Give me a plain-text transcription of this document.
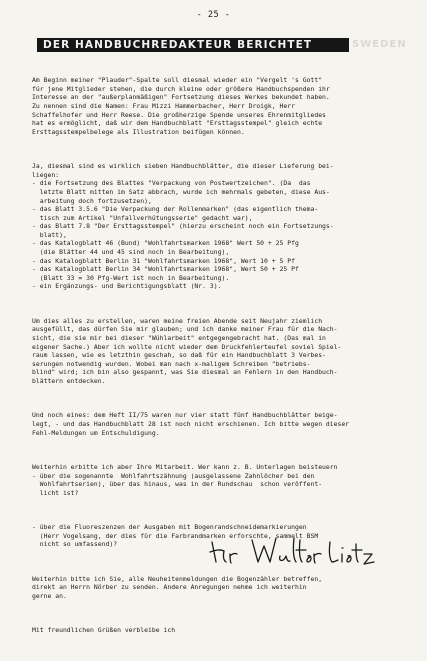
- 25 -
DER HANDBUCHREDAKTEUR BERICHTET	SWEDEN

Am Beginn meiner "Plauder"-Spalte soll diesmal wieder ein "Vergelt 's Gott"
für jene Mitglieder stehen, die durch kleine oder größere Handbuchspenden ihr
Interesse an der "außerplanmäßigen" Fortsetzung dieses Werkes bekundet haben.
Zu nennen sind die Namen: Frau Mizzi Hammerbacher, Herr Droigk, Herr
Schaffelhofer und Herr Reese. Die großherzige Spende unseres Ehrenmitgliedes
hat es ermöglicht, daß wir dem Handbuchblatt "Ersttagsstempel" gleich echte
Ersttagsstempelbelege als Illustration beifügen können.

Ja, diesmal sind es wirklich sieben Handbuchblätter, die dieser Lieferung bei-
liegen:
- die Fortsetzung des Blattes "Verpackung von Postwertzeichen". (Da  das
letzte Blatt mitten im Satz abbrach, wurde ich mehrmals gebeten, diese Aus-
arbeitung doch fortzusetzen),
- das Blatt 3.5.6 "Die Verpackung der Rollenmarken" (das eigentlich thema-
tisch zum Artikel "Unfallverhütungsserie" gedacht war),
- das Blatt 7.8 "Der Ersttagsstempel" (hierzu erscheint noch ein Fortsetzungs-
blatt),
- das Katalogblatt 46 (Bund) "Wohlfahrtsmarken 1968" Wert 50 + 25 Pfg
(die Blätter 44 und 45 sind noch in Bearbeitung),
- das Katalogblatt Berlin 31 "Wohlfahrtsmarken 1968", Wert 10 + 5 Pf
- das Katalogblatt Berlin 34 "Wohlfahrtsmarken 1968", Wert 50 + 25 Pf
(Blatt 33 = 30 Pfg-Wert ist noch in Bearbeitung).
- ein Ergänzungs- und Berichtigungsblatt (Nr. 3).

Um dies alles zu erstellen, waren meine freien Abende seit Neujahr ziemlich
ausgefüllt, das dürfen Sie mir glauben; und ich danke meiner Frau für die Nach-
sicht, die sie mir bei dieser "Wühlarbeit" entgegengebracht hat. (Das mal in
eigener Sache.) Aber ich wollte nicht wieder dem Druckfehlerteufel soviel Spiel-
raum lassen, wie es letzthin geschah, so daß für ein Handbuchblatt 3 Verbes-
serungen notwendig wurden. Wobei man nach x-maligem Schreiben "betriebs-
blind" wird; ich bin also gespannt, was Sie diesmal an Fehlern in den Handbuch-
blättern entdecken.

Und noch eines: dem Heft II/75 waren nur vier statt fünf Handbuchblätter beige-
legt, - und das Handbuchblatt 28 ist noch nicht erschienen. Ich bitte wegen dieser
Fehl-Meldungen um Entschuldigung.

Weiterhin erbitte ich aber Ihre Mitarbeit. Wer kann z. B. Unterlagen beisteuern
- über die sogenannte  Wohlfahrtszähnung (ausgelassene Zahnlöcher bei den
Wohlfahrtserien), über das hinaus, was in der Rundschau  schon veröffent-
licht ist?

- über die Fluoreszenzen der Ausgaben mit Bogenrandschneidemarkierungen
(Herr Vogelsang, der dies für die Farbrandmarken erforschte, sammelt BSM
nicht so umfassend)?

Weiterhin bitte ich Sie, alle Neuheitenmeldungen die Bogenzähler betreffen,
direkt an Herrn Nörber zu senden. Andere Anregungen nehme ich weiterhin
gerne an.

Mit freundlichen Grüßen verbleibe ich
